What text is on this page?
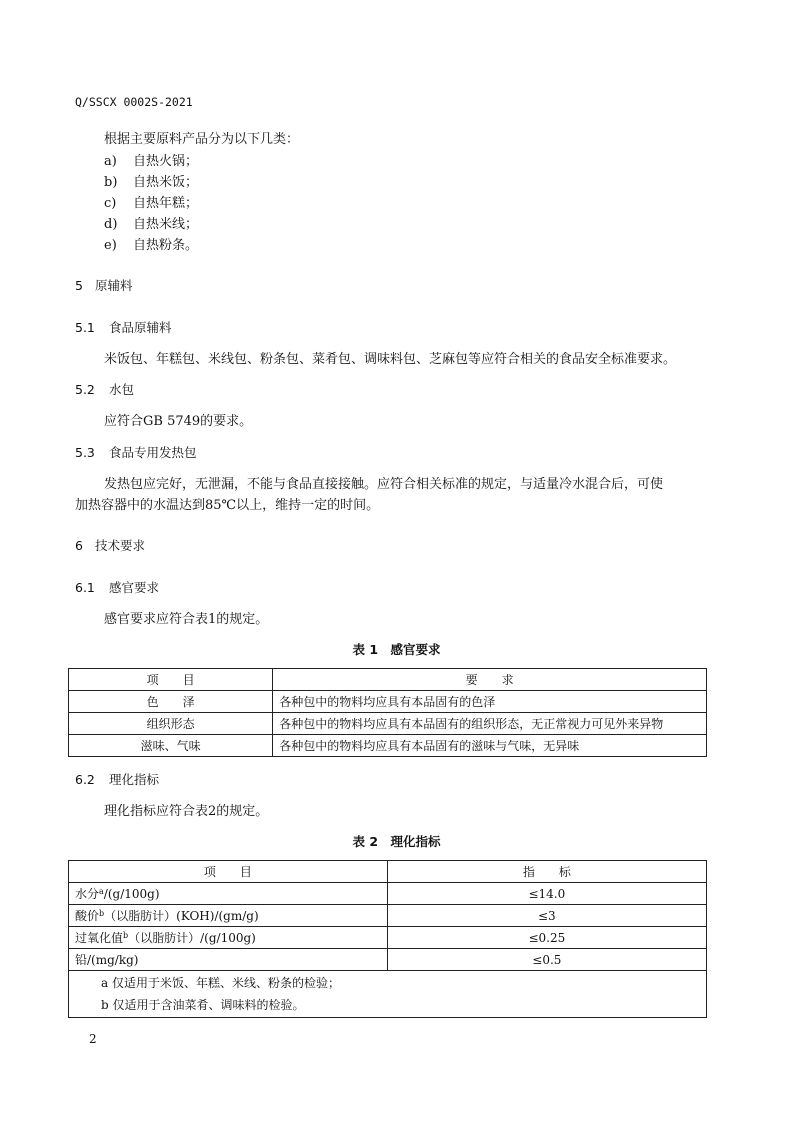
Q/SSCX 0002S-2021
根据主要原料产品分为以下几类：
a) 自热火锅；
b) 自热米饭；
c) 自热年糕；
d) 自热米线；
e) 自热粉条。
5 原辅料
5.1 食品原辅料
米饭包、年糕包、米线包、粉条包、菜肴包、调味料包、芝麻包等应符合相关的食品安全标准要求。
5.2 水包
应符合GB 5749的要求。
5.3 食品专用发热包
发热包应完好，无泄漏，不能与食品直接接触。应符合相关标准的规定，与适量冷水混合后，可使
加热容器中的水温达到85℃以上，维持一定的时间。
6 技术要求
6.1 感官要求
感官要求应符合表1的规定。
表 1　感官要求
项　　目	要　　求
色　　泽	各种包中的物料均应具有本品固有的色泽
组织形态	各种包中的物料均应具有本品固有的组织形态，无正常视力可见外来异物
滋味、气味	各种包中的物料均应具有本品固有的滋味与气味，无异味
6.2 理化指标
理化指标应符合表2的规定。
表 2　理化指标
项　　目	指　　标
水分$^a$/(g/100g)	≤14.0
酸价$^b$（以脂肪计）(KOH)/(gm/g)	≤3
过氧化值$^b$（以脂肪计）/(g/100g)	≤0.25
铅/(mg/kg)	≤0.5

a 仅适用于米饭、年糕、米线、粉条的检验；
b 仅适用于含油菜肴、调味料的检验。	
2
